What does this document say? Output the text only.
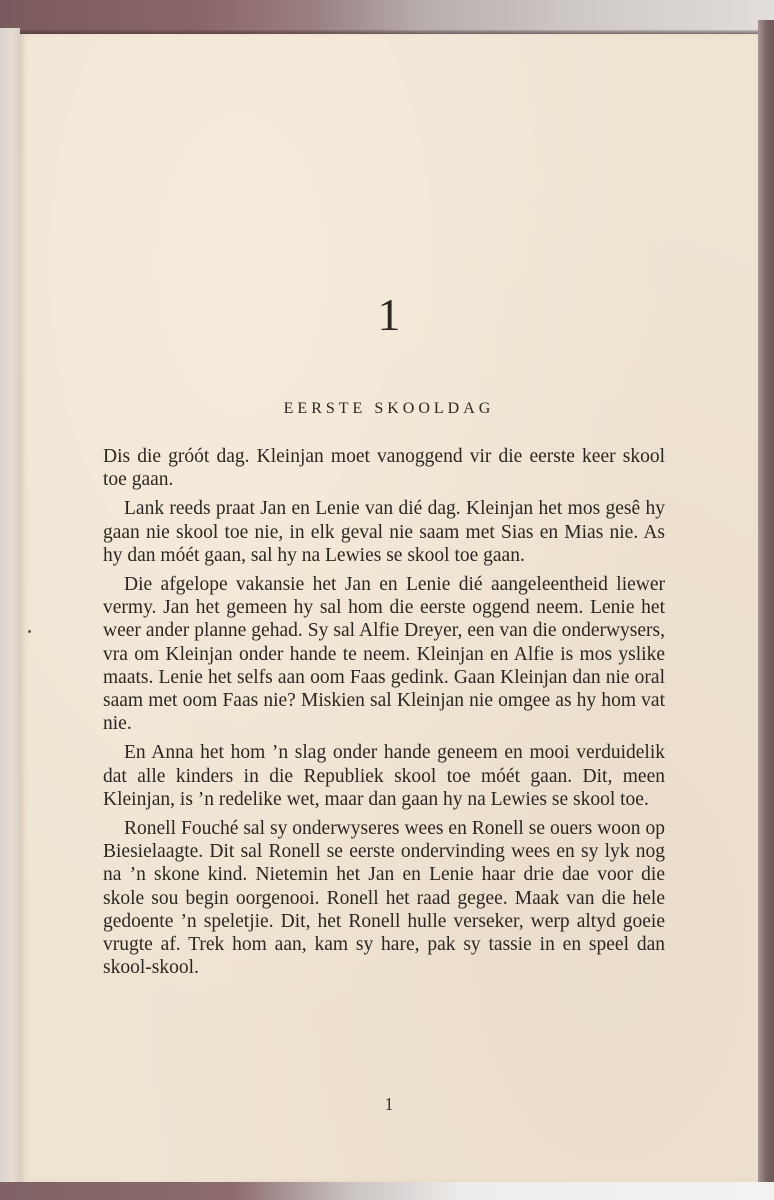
1
EERSTE SKOOLDAG

Dis die gróót dag. Kleinjan moet vanoggend vir die eerste keer skool toe gaan.

Lank reeds praat Jan en Lenie van dié dag. Kleinjan het mos gesê hy gaan nie skool toe nie, in elk geval nie saam met Sias en Mias nie. As hy dan móét gaan, sal hy na Lewies se skool toe gaan.

Die afgelope vakansie het Jan en Lenie dié aangeleentheid liewer vermy. Jan het gemeen hy sal hom die eerste oggend neem. Lenie het weer ander planne gehad. Sy sal Alfie Dreyer, een van die onderwysers, vra om Kleinjan onder hande te neem. Kleinjan en Alfie is mos yslike maats. Lenie het selfs aan oom Faas gedink. Gaan Kleinjan dan nie oral saam met oom Faas nie? Miskien sal Kleinjan nie omgee as hy hom vat nie.

En Anna het hom ’n slag onder hande geneem en mooi verduidelik dat alle kinders in die Republiek skool toe móét gaan. Dit, meen Kleinjan, is ’n redelike wet, maar dan gaan hy na Lewies se skool toe.

Ronell Fouché sal sy onderwyseres wees en Ronell se ouers woon op Biesielaagte. Dit sal Ronell se eerste ondervinding wees en sy lyk nog na ’n skone kind. Nietemin het Jan en Lenie haar drie dae voor die skole sou begin oorgenooi. Ronell het raad gegee. Maak van die hele gedoente ’n speletjie. Dit, het Ronell hulle verseker, werp altyd goeie vrugte af. Trek hom aan, kam sy hare, pak sy tassie in en speel dan skool-skool.

1
